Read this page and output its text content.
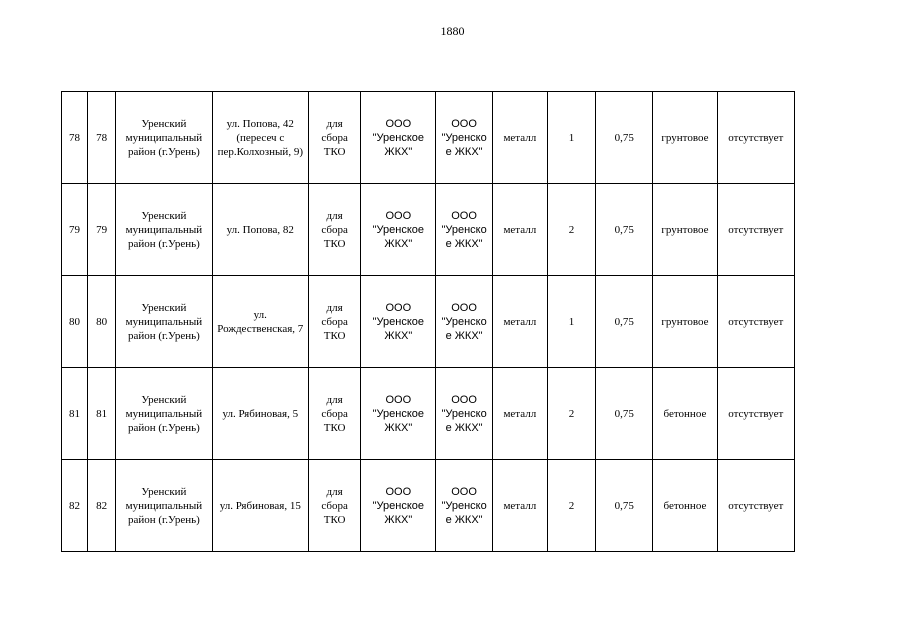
1880
78	78	Уренский муниципальный район (г.Урень)	ул. Попова, 42 (пересеч с пер.Колхозный, 9)	для сбора ТКО	ООО "Уренское ЖКХ"	ООО "Уренское ЖКХ"	металл	1	0,75	грунтовое	отсутствует
79	79	Уренский муниципальный район (г.Урень)	ул. Попова, 82	для сбора ТКО	ООО "Уренское ЖКХ"	ООО "Уренское ЖКХ"	металл	2	0,75	грунтовое	отсутствует
80	80	Уренский муниципальный район (г.Урень)	ул. Рождественская, 7	для сбора ТКО	ООО "Уренское ЖКХ"	ООО "Уренское ЖКХ"	металл	1	0,75	грунтовое	отсутствует
81	81	Уренский муниципальный район (г.Урень)	ул. Рябиновая, 5	для сбора ТКО	ООО "Уренское ЖКХ"	ООО "Уренское ЖКХ"	металл	2	0,75	бетонное	отсутствует
82	82	Уренский муниципальный район (г.Урень)	ул. Рябиновая, 15	для сбора ТКО	ООО "Уренское ЖКХ"	ООО "Уренское ЖКХ"	металл	2	0,75	бетонное	отсутствует
